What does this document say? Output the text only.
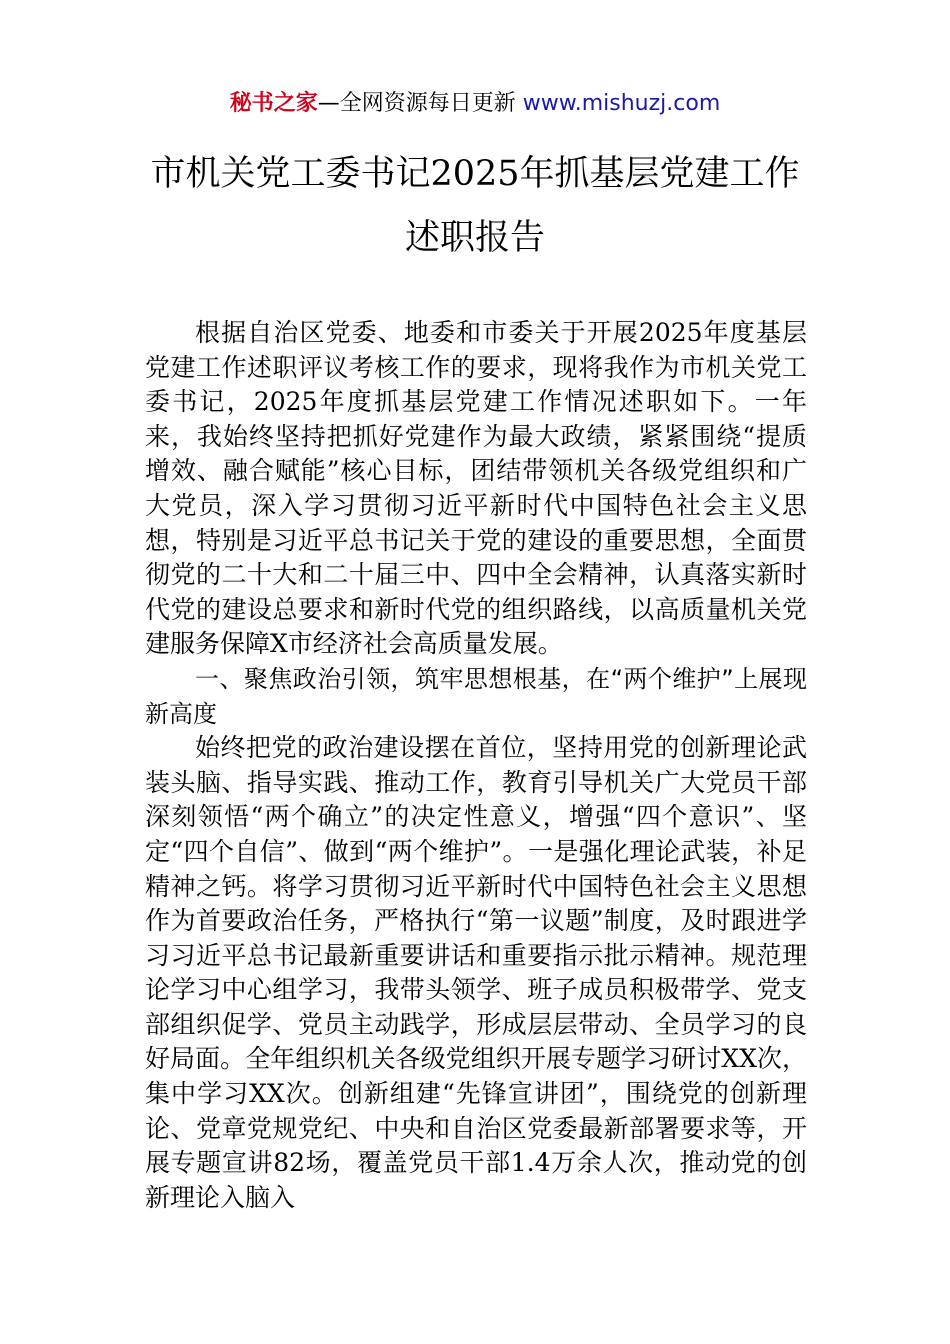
秘书之家—全网资源每日更新 www.mishuzj.com
市机关党工委书记2025年抓基层党建工作
述职报告

根据自治区党委、地委和市委关于开展2025年度基层党建工作述职评议考核工作的要求，现将我作为市机关党工委书记，2025年度抓基层党建工作情况述职如下。一年来，我始终坚持把抓好党建作为最大政绩，紧紧围绕“提质增效、融合赋能”核心目标，团结带领机关各级党组织和广大党员，深入学习贯彻习近平新时代中国特色社会主义思想，特别是习近平总书记关于党的建设的重要思想，全面贯彻党的二十大和二十届三中、四中全会精神，认真落实新时代党的建设总要求和新时代党的组织路线，以高质量机关党建服务保障X市经济社会高质量发展。

一、聚焦政治引领，筑牢思想根基，在“两个维护”上展现新高度

始终把党的政治建设摆在首位，坚持用党的创新理论武装头脑、指导实践、推动工作，教育引导机关广大党员干部深刻领悟“两个确立”的决定性意义，增强“四个意识”、坚定“四个自信”、做到“两个维护”。一是强化理论武装，补足精神之钙。将学习贯彻习近平新时代中国特色社会主义思想作为首要政治任务，严格执行“第一议题”制度，及时跟进学习习近平总书记最新重要讲话和重要指示批示精神。规范理论学习中心组学习，我带头领学、班子成员积极带学、党支部组织促学、党员主动践学，形成层层带动、全员学习的良好局面。全年组织机关各级党组织开展专题学习研讨XX次，集中学习XX次。创新组建“先锋宣讲团”，围绕党的创新理论、党章党规党纪、中央和自治区党委最新部署要求等，开展专题宣讲82场，覆盖党员干部1.4万余人次，推动党的创新理论入脑入
